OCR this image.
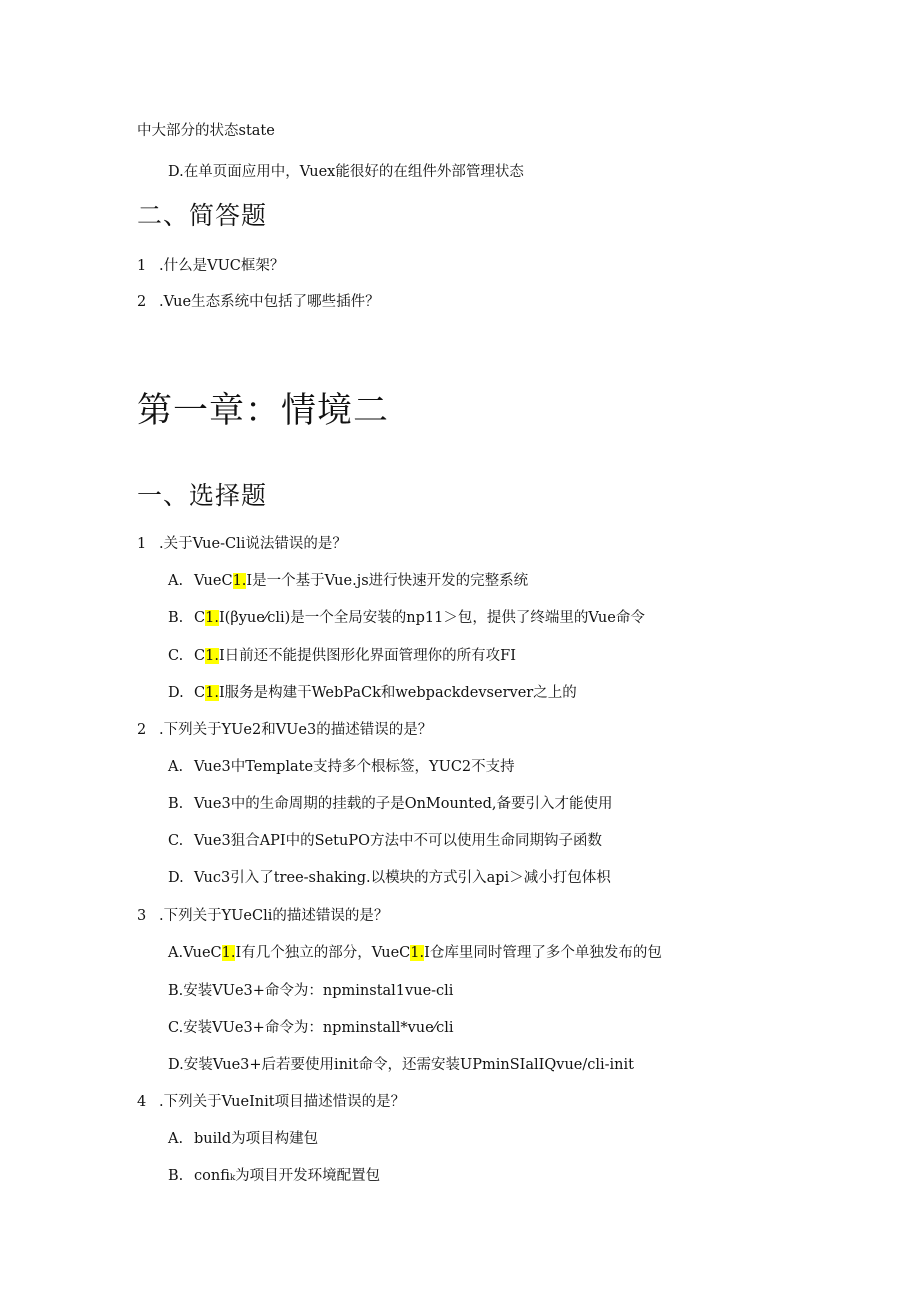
中大部分的状态state
D.在单页面应用中，Vuex能很好的在组件外部管理状态
二、简答题
1 .什么是VUC框架？
2 .Vue生态系统中包括了哪些插件？
第一章：情境二
一、选择题
1 .关于Vue-Cli说法错误的是？
A. VueC1.I是一个基于Vue.js进行快速开发的完整系统
B. C1.I(βyue⁄cli)是一个全局安装的np11＞包，提供了终端里的Vue命令
C. C1.I日前还不能提供图形化界面管理你的所有攻FI
D. C1.I服务是构建干WebPaCk和webpackdevserver之上的
2 .下列关于YUe2和VUe3的描述错误的是？
A. Vue3中Template支持多个根标签，YUC2不支持
B. Vue3中的生命周期的挂载的子是OnMounted,备要引入才能使用
C. Vue3狙合API中的SetuPO方法中不可以使用生命同期钩子函数
D. Vuc3引入了tree-shaking.以模块的方式引入api＞减小打包体枳
3 .下列关于YUeCli的描述错误的是？
A.VueC1.I有几个独立的部分，VueC1.I仓库里同时管理了多个单独发布的包
B.安装VUe3+命令为：npminstal1vue-cli
C.安装VUe3+命令为：npminstall*vue⁄cli
D.安装Vue3+后若要使用init命令，还需安装UPminSIalIQvue/cli-init
4 .下列关于VueInit项目描述惜误的是？
A. build为项目构建包
B. confiₖ为项目开发环境配置包
